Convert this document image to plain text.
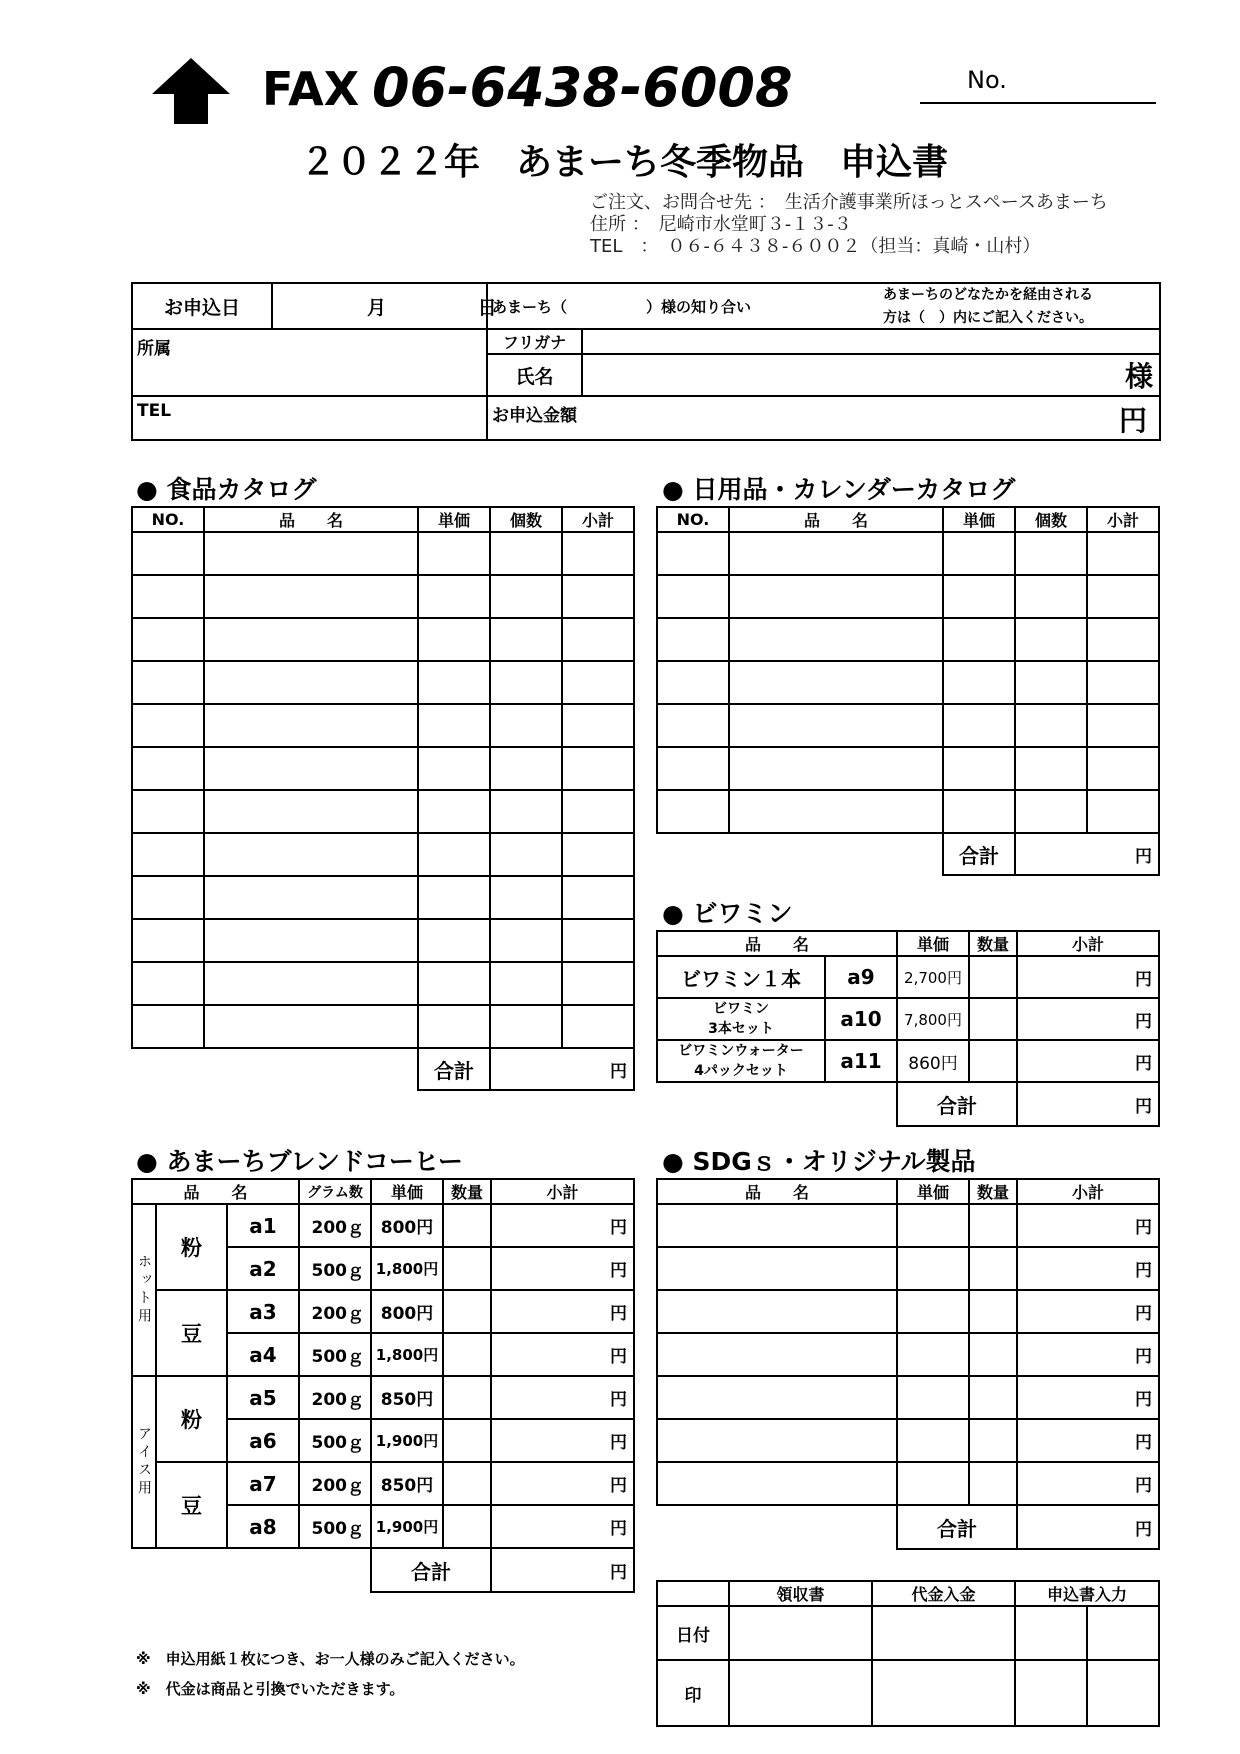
FAX 06-6438-6008	No.
２０２２年　あまーち冬季物品　申込書
ご注文、お問合せ先 ：　生活介護事業所ほっとスペースあまーち
住所 ：　尼崎市水堂町３-１３-３
TEL　：　０６-６４３８-６００２（担当：真崎・山村）
お申込日	月 日	あまーち（ ）様の知り合い
あまーちのどなたかを経由される
方は（　）内にご記入ください。	

所属		フリガナ	
		氏名	様
TEL		お申込金額 円	
● 食品カタログ
NO.	品　　名	単価	個数	小計

		合計	円	
● 日用品・カレンダーカタログ
NO.	品　　名	単価	個数	小計

		合計	円	
● ビワミン
品　　名		単価	数量	小計
ビワミン１本	a9	2,700円		円
ビワミン
3本セット	a10	7,800円		円
ビワミンウォーター
4パックセット	a11	860円		円
		合計		円
● あまーちブレンドコーヒー
品　　名			グラム数	単価	数量	小計
ホット用	粉	a1	200ｇ	800円		円
		a2	500ｇ	1,800円		円
	豆	a3	200ｇ	800円		円
		a4	500ｇ	1,800円		円
アイス用	粉	a5	200ｇ	850円		円
		a6	500ｇ	1,900円		円
	豆	a7	200ｇ	850円		円
		a8	500ｇ	1,900円		円
				合計		円
● SDGｓ・オリジナル製品
品　　名	単価	数量	小計
			円
			円
			円
			円
			円
			円
			円
	合計		円
	領収書	代金入金	申込書入力	
日付				
印				
※　申込用紙１枚につき、お一人様のみご記入ください。
※　代金は商品と引換でいただきます。
